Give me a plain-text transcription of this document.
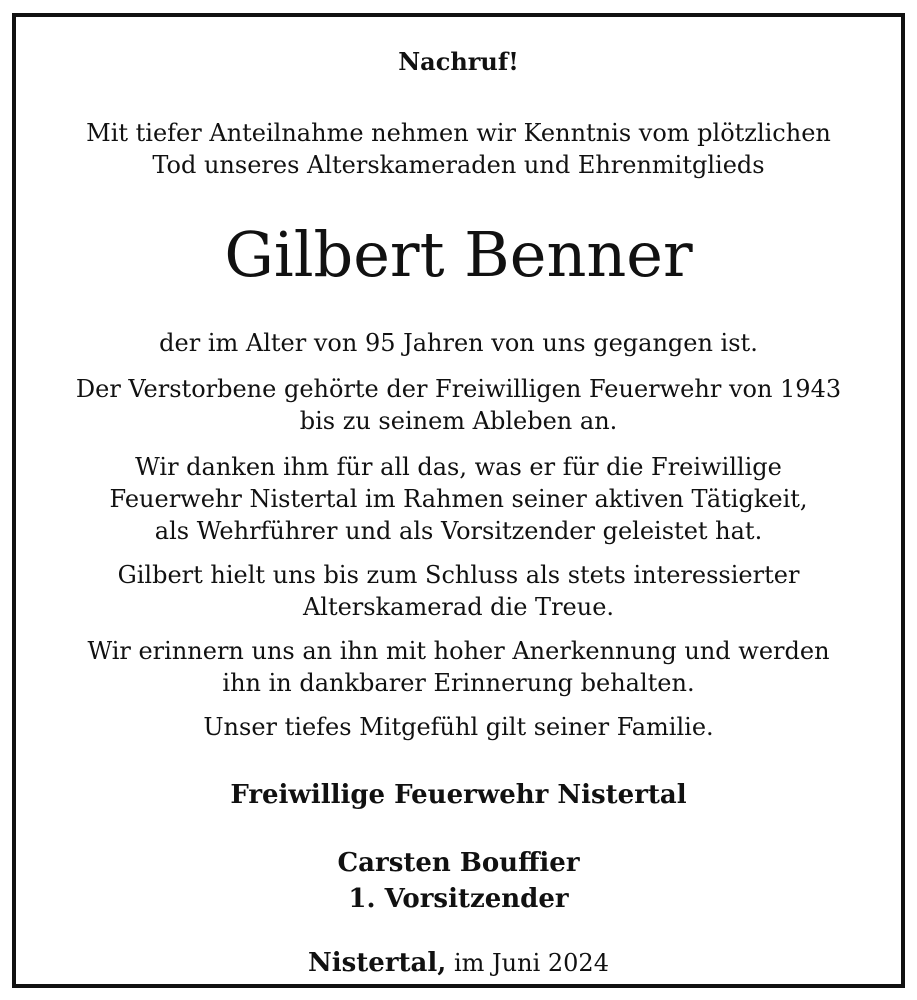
Nachruf!
Mit tiefer Anteilnahme nehmen wir Kenntnis vom plötzlichen
Tod unseres Alterskameraden und Ehrenmitglieds
Gilbert Benner
der im Alter von 95 Jahren von uns gegangen ist.
Der Verstorbene gehörte der Freiwilligen Feuerwehr von 1943
bis zu seinem Ableben an.
Wir danken ihm für all das, was er für die Freiwillige
Feuerwehr Nistertal im Rahmen seiner aktiven Tätigkeit,
als Wehrführer und als Vorsitzender geleistet hat.
Gilbert hielt uns bis zum Schluss als stets interessierter
Alterskamerad die Treue.
Wir erinnern uns an ihn mit hoher Anerkennung und werden
ihn in dankbarer Erinnerung behalten.
Unser tiefes Mitgefühl gilt seiner Familie.
Freiwillige Feuerwehr Nistertal
Carsten Bouffier
1. Vorsitzender
Nistertal, im Juni 2024
